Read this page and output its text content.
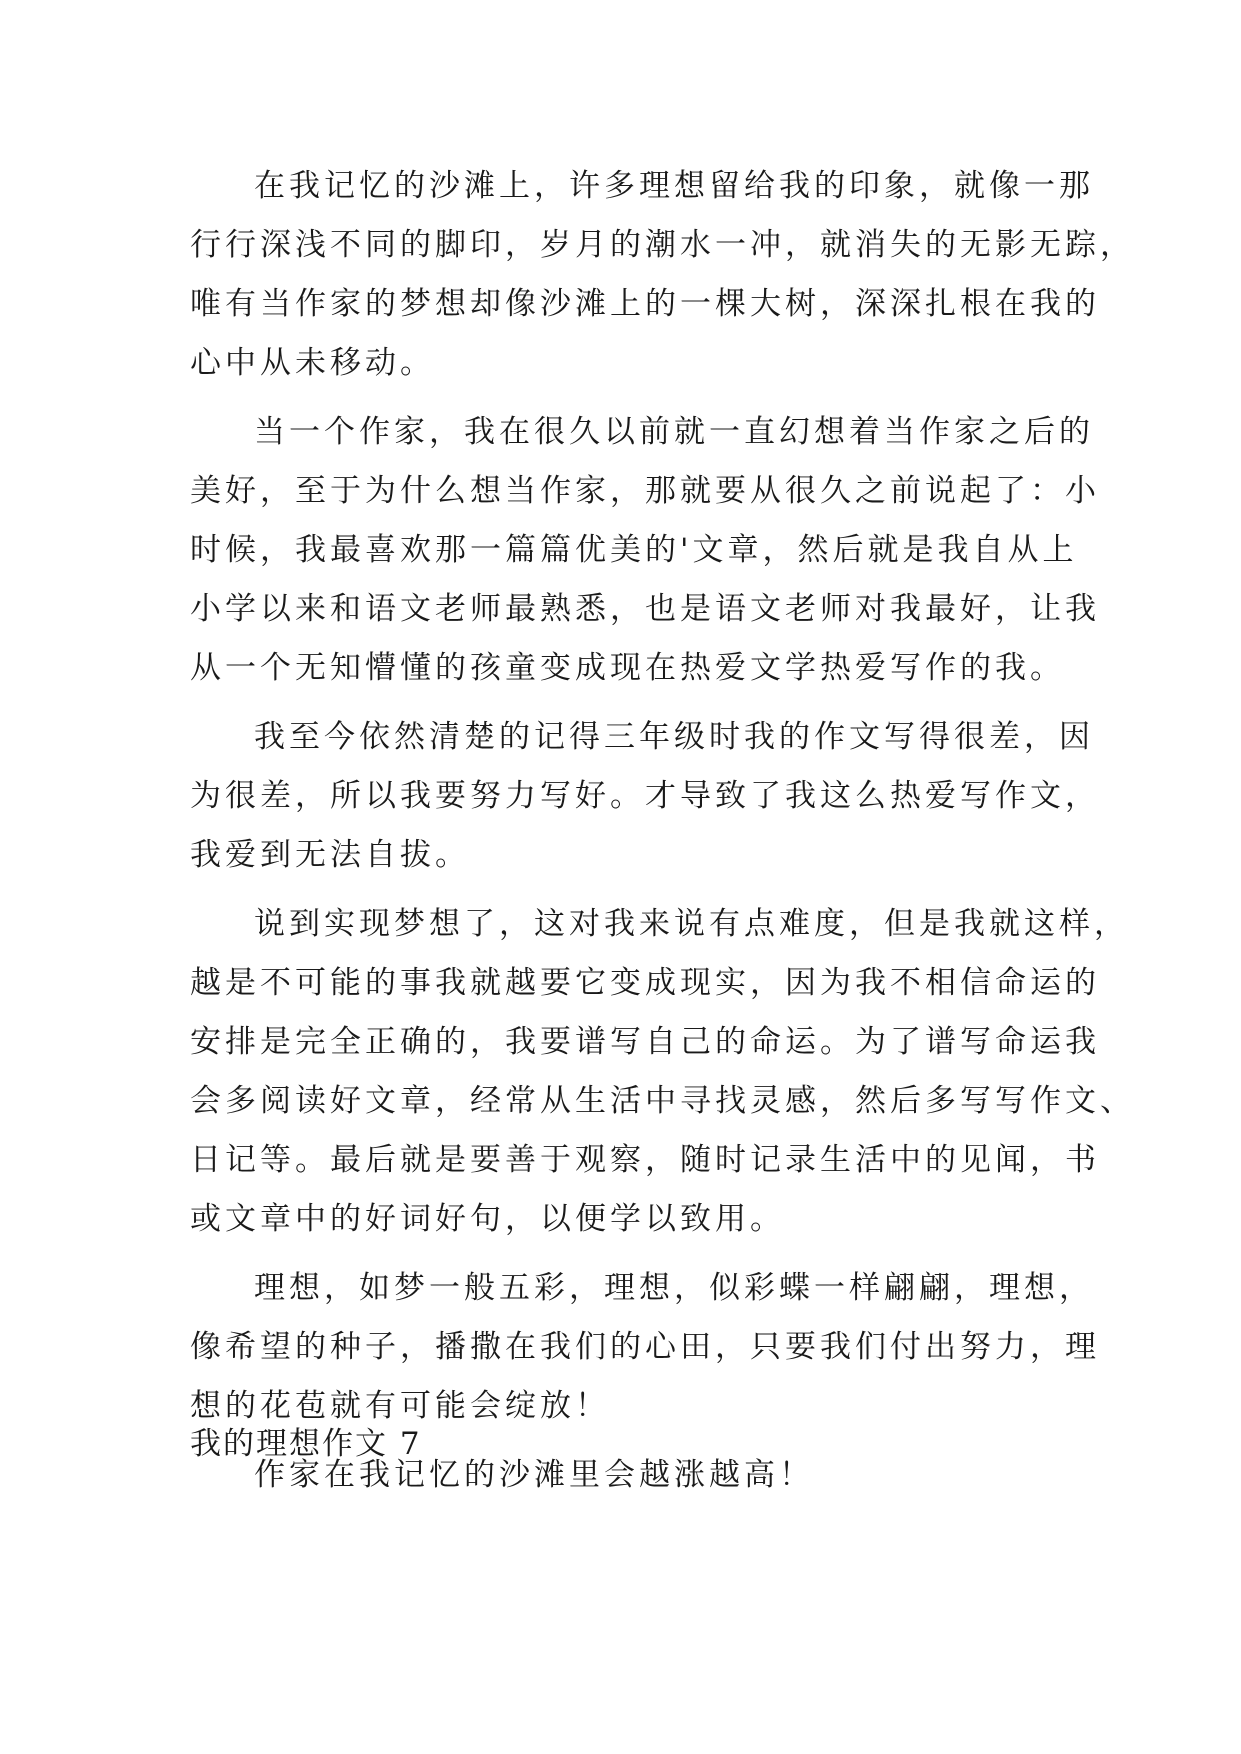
在我记忆的沙滩上，许多理想留给我的印象，就像一那
行行深浅不同的脚印，岁月的潮水一冲，就消失的无影无踪，
唯有当作家的梦想却像沙滩上的一棵大树，深深扎根在我的
心中从未移动。
当一个作家，我在很久以前就一直幻想着当作家之后的
美好，至于为什么想当作家，那就要从很久之前说起了：小
时候，我最喜欢那一篇篇优美的'文章，然后就是我自从上
小学以来和语文老师最熟悉，也是语文老师对我最好，让我
从一个无知懵懂的孩童变成现在热爱文学热爱写作的我。
我至今依然清楚的记得三年级时我的作文写得很差，因
为很差，所以我要努力写好。才导致了我这么热爱写作文，
我爱到无法自拔。
说到实现梦想了，这对我来说有点难度，但是我就这样，
越是不可能的事我就越要它变成现实，因为我不相信命运的
安排是完全正确的，我要谱写自己的命运。为了谱写命运我
会多阅读好文章，经常从生活中寻找灵感，然后多写写作文、
日记等。最后就是要善于观察，随时记录生活中的见闻，书
或文章中的好词好句，以便学以致用。
理想，如梦一般五彩，理想，似彩蝶一样翩翩，理想，
像希望的种子，播撒在我们的心田，只要我们付出努力，理
想的花苞就有可能会绽放！
作家在我记忆的沙滩里会越涨越高！
我的理想作文 7
